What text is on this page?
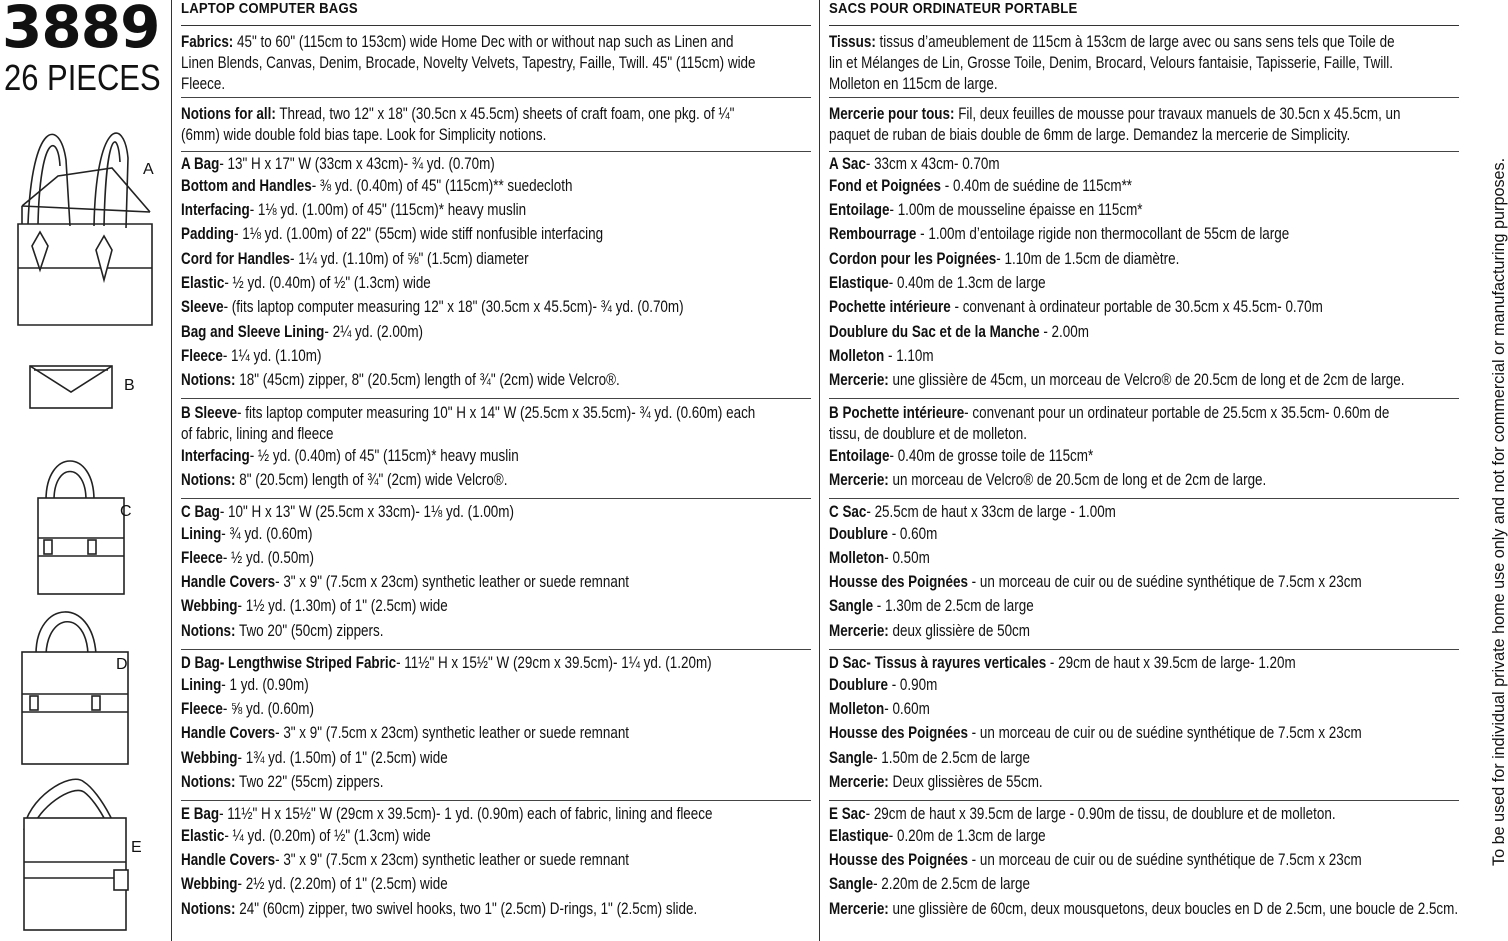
3889
26 PIECES
A
B
C
D
E
LAPTOP COMPUTER BAGS
Fabrics: 45" to 60" (115cm to 153cm) wide Home Dec with or without nap such as Linen and
Linen Blends, Canvas, Denim, Brocade, Novelty Velvets, Tapestry, Faille, Twill. 45" (115cm) wide
Fleece.
Notions for all: Thread, two 12" x 18" (30.5cn x 45.5cm) sheets of craft foam, one pkg. of ¼"
(6mm) wide double fold bias tape. Look for Simplicity notions.
A Bag- 13" H x 17" W (33cm x 43cm)- ¾ yd. (0.70m)
Bottom and Handles- ⅜ yd. (0.40m) of 45" (115cm)** suedecloth
Interfacing- 1⅛ yd. (1.00m) of 45" (115cm)* heavy muslin
Padding- 1⅛ yd. (1.00m) of 22" (55cm) wide stiff nonfusible interfacing
Cord for Handles- 1¼ yd. (1.10m) of ⅝" (1.5cm) diameter
Elastic- ½ yd. (0.40m) of ½" (1.3cm) wide
Sleeve- (fits laptop computer measuring 12" x 18" (30.5cm x 45.5cm)- ¾ yd. (0.70m)
Bag and Sleeve Lining- 2¼ yd. (2.00m)
Fleece- 1¼ yd. (1.10m)
Notions: 18" (45cm) zipper, 8" (20.5cm) length of ¾" (2cm) wide Velcro®.
B Sleeve- fits laptop computer measuring 10" H x 14" W (25.5cm x 35.5cm)- ¾ yd. (0.60m) each
of fabric, lining and fleece
Interfacing- ½ yd. (0.40m) of 45" (115cm)* heavy muslin
Notions: 8" (20.5cm) length of ¾" (2cm) wide Velcro®.
C Bag- 10" H x 13" W (25.5cm x 33cm)- 1⅛ yd. (1.00m)
Lining- ¾ yd. (0.60m)
Fleece- ½ yd. (0.50m)
Handle Covers- 3" x 9" (7.5cm x 23cm) synthetic leather or suede remnant
Webbing- 1½ yd. (1.30m) of 1" (2.5cm) wide
Notions: Two 20" (50cm) zippers.
D Bag- Lengthwise Striped Fabric- 11½" H x 15½" W (29cm x 39.5cm)- 1¼ yd. (1.20m)
Lining- 1 yd. (0.90m)
Fleece- ⅝ yd. (0.60m)
Handle Covers- 3" x 9" (7.5cm x 23cm) synthetic leather or suede remnant
Webbing- 1¾ yd. (1.50m) of 1" (2.5cm) wide
Notions: Two 22" (55cm) zippers.
E Bag- 11½" H x 15½" W (29cm x 39.5cm)- 1 yd. (0.90m) each of fabric, lining and fleece
Elastic- ¼ yd. (0.20m) of ½" (1.3cm) wide
Handle Covers- 3" x 9" (7.5cm x 23cm) synthetic leather or suede remnant
Webbing- 2½ yd. (2.20m) of 1" (2.5cm) wide
Notions: 24" (60cm) zipper, two swivel hooks, two 1" (2.5cm) D-rings, 1" (2.5cm) slide.
SACS POUR ORDINATEUR PORTABLE
Tissus: tissus d’ameublement de 115cm à 153cm de large avec ou sans sens tels que Toile de
lin et Mélanges de Lin, Grosse Toile, Denim, Brocard, Velours fantaisie, Tapisserie, Faille, Twill.
Molleton en 115cm de large.
Mercerie pour tous: Fil, deux feuilles de mousse pour travaux manuels de 30.5cn x 45.5cm, un
paquet de ruban de biais double de 6mm de large. Demandez la mercerie de Simplicity.
A Sac- 33cm x 43cm- 0.70m
Fond et Poignées - 0.40m de suédine de 115cm**
Entoilage- 1.00m de mousseline épaisse en 115cm*
Rembourrage - 1.00m d’entoilage rigide non thermocollant de 55cm de large
Cordon pour les Poignées- 1.10m de 1.5cm de diamètre.
Elastique- 0.40m de 1.3cm de large
Pochette intérieure - convenant à ordinateur portable de 30.5cm x 45.5cm- 0.70m
Doublure du Sac et de la Manche - 2.00m
Molleton - 1.10m
Mercerie: une glissière de 45cm, un morceau de Velcro® de 20.5cm de long et de 2cm de large.
B Pochette intérieure- convenant pour un ordinateur portable de 25.5cm x 35.5cm- 0.60m de
tissu, de doublure et de molleton.
Entoilage- 0.40m de grosse toile de 115cm*
Mercerie: un morceau de Velcro® de 20.5cm de long et de 2cm de large.
C Sac- 25.5cm de haut x 33cm de large - 1.00m
Doublure - 0.60m
Molleton- 0.50m
Housse des Poignées - un morceau de cuir ou de suédine synthétique de 7.5cm x 23cm
Sangle - 1.30m de 2.5cm de large
Mercerie: deux glissière de 50cm
D Sac- Tissus à rayures verticales - 29cm de haut x 39.5cm de large- 1.20m
Doublure - 0.90m
Molleton- 0.60m
Housse des Poignées - un morceau de cuir ou de suédine synthétique de 7.5cm x 23cm
Sangle- 1.50m de 2.5cm de large
Mercerie: Deux glissières de 55cm.
E Sac- 29cm de haut x 39.5cm de large - 0.90m de tissu, de doublure et de molleton.
Elastique- 0.20m de 1.3cm de large
Housse des Poignées - un morceau de cuir ou de suédine synthétique de 7.5cm x 23cm
Sangle- 2.20m de 2.5cm de large
Mercerie: une glissière de 60cm, deux mousquetons, deux boucles en D de 2.5cm, une boucle de 2.5cm.
To be used for individual private home use only and not for commercial or manufacturing purposes.
